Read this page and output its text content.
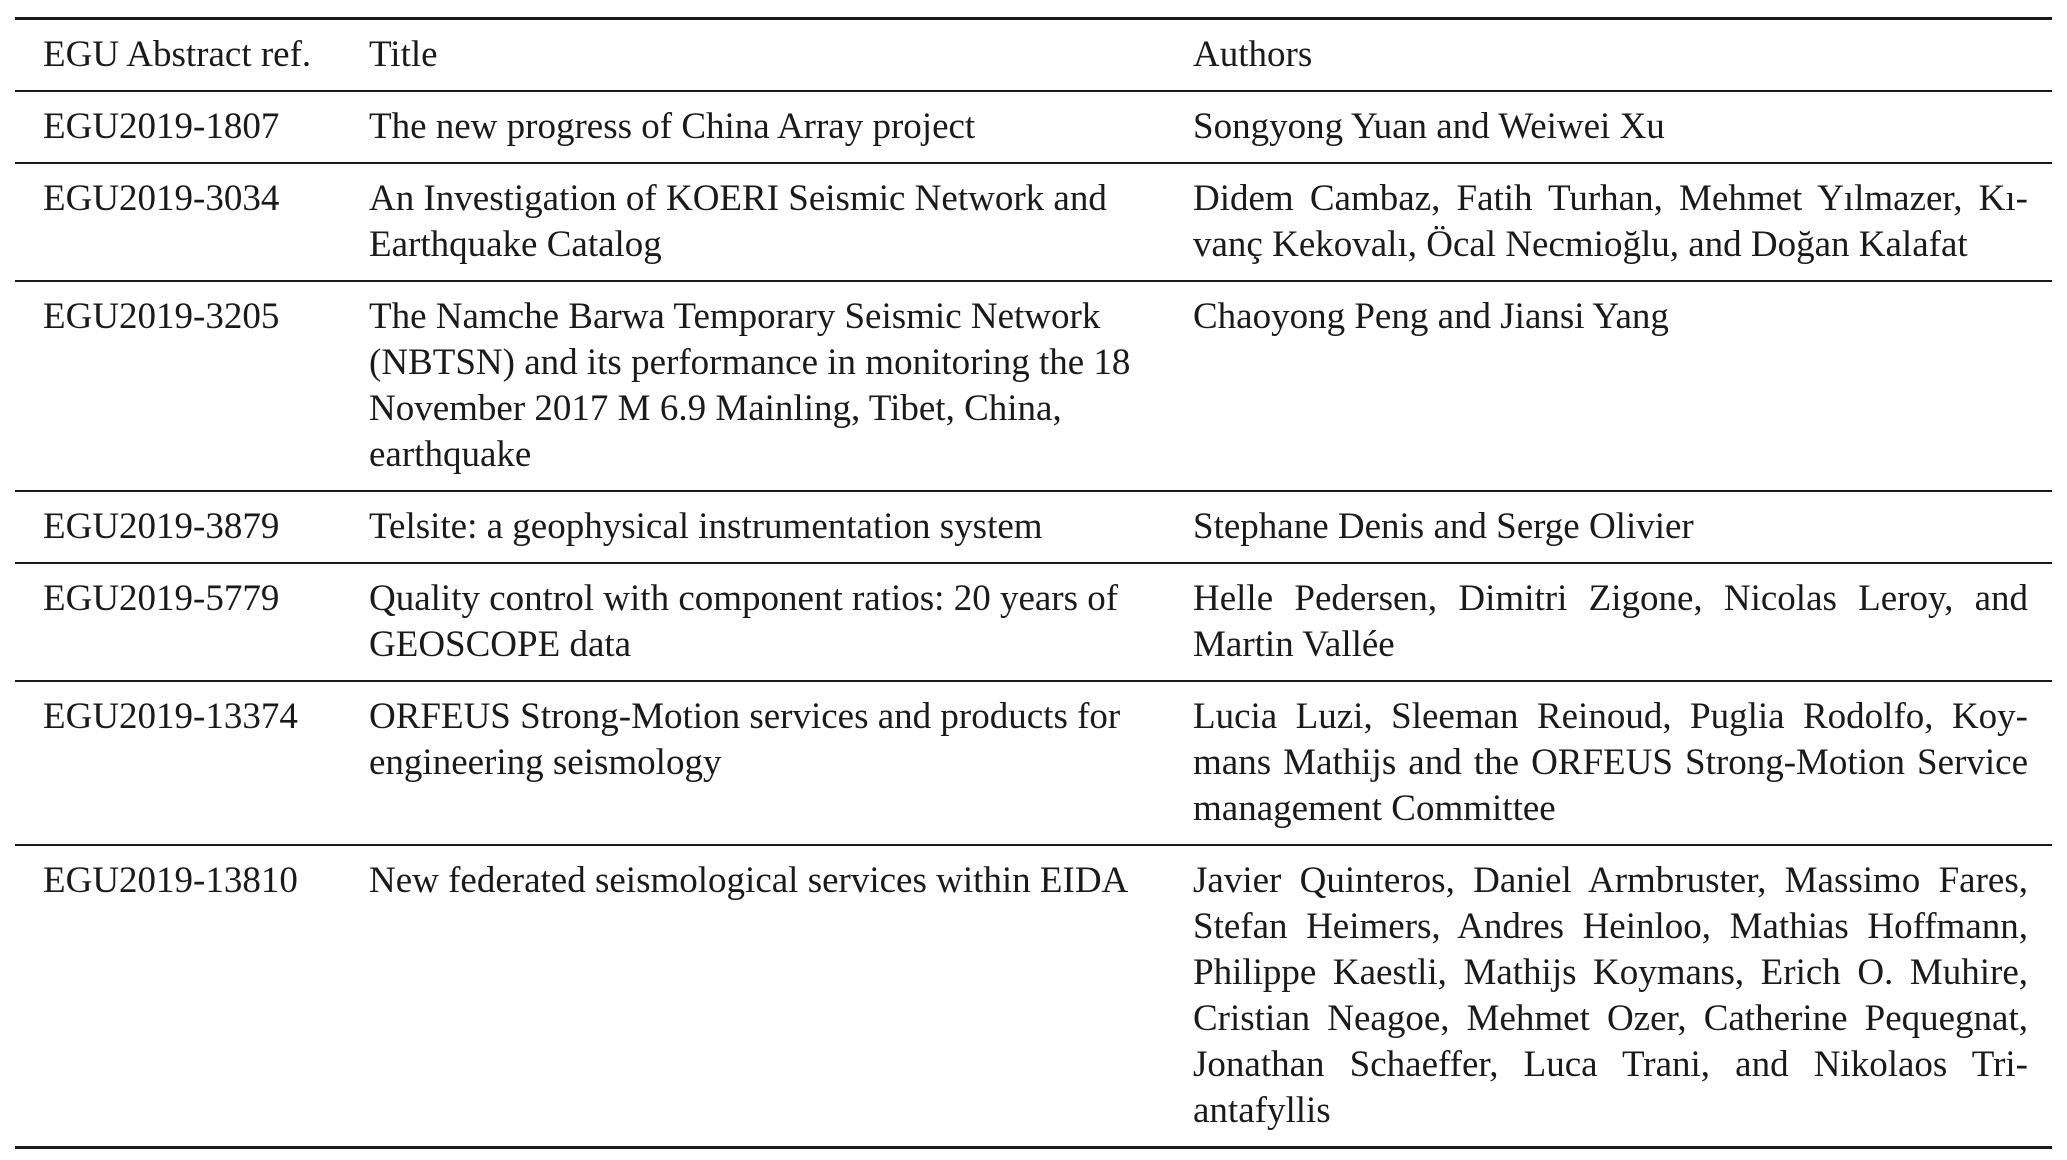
EGU Abstract ref.	Title	Authors
EGU2019-1807	The new progress of China Array project	Songyong Yuan and Weiwei Xu
EGU2019-3034	An Investigation of KOERI Seismic Network and Earthquake Catalog	Didem Cambaz, Fatih Turhan, Mehmet Yılmazer, Kıvanç Kekovalı, Öcal Necmioğlu, and Doğan Kalafat
EGU2019-3205	The Namche Barwa Temporary Seismic Network (NBTSN) and its performance in monitoring the 18 November 2017 M 6.9 Mainling, Tibet, China, earthquake	Chaoyong Peng and Jiansi Yang
EGU2019-3879	Telsite: a geophysical instrumentation system	Stephane Denis and Serge Olivier
EGU2019-5779	Quality control with component ratios: 20 years of GEOSCOPE data	Helle Pedersen, Dimitri Zigone, Nicolas Leroy, and Martin Vallée
EGU2019-13374	ORFEUS Strong-Motion services and products for engineering seismology	Lucia Luzi, Sleeman Reinoud, Puglia Rodolfo, Koymans Mathijs and the ORFEUS Strong-Motion Service management Committee
EGU2019-13810	New federated seismological services within EIDA	Javier Quinteros, Daniel Armbruster, Massimo Fares, Stefan Heimers, Andres Heinloo, Mathias Hoffmann, Philippe Kaestli, Mathijs Koymans, Erich O. Muhire, Cristian Neagoe, Mehmet Ozer, Catherine Pequegnat, Jonathan Schaeffer, Luca Trani, and Nikolaos Triantafyllis
